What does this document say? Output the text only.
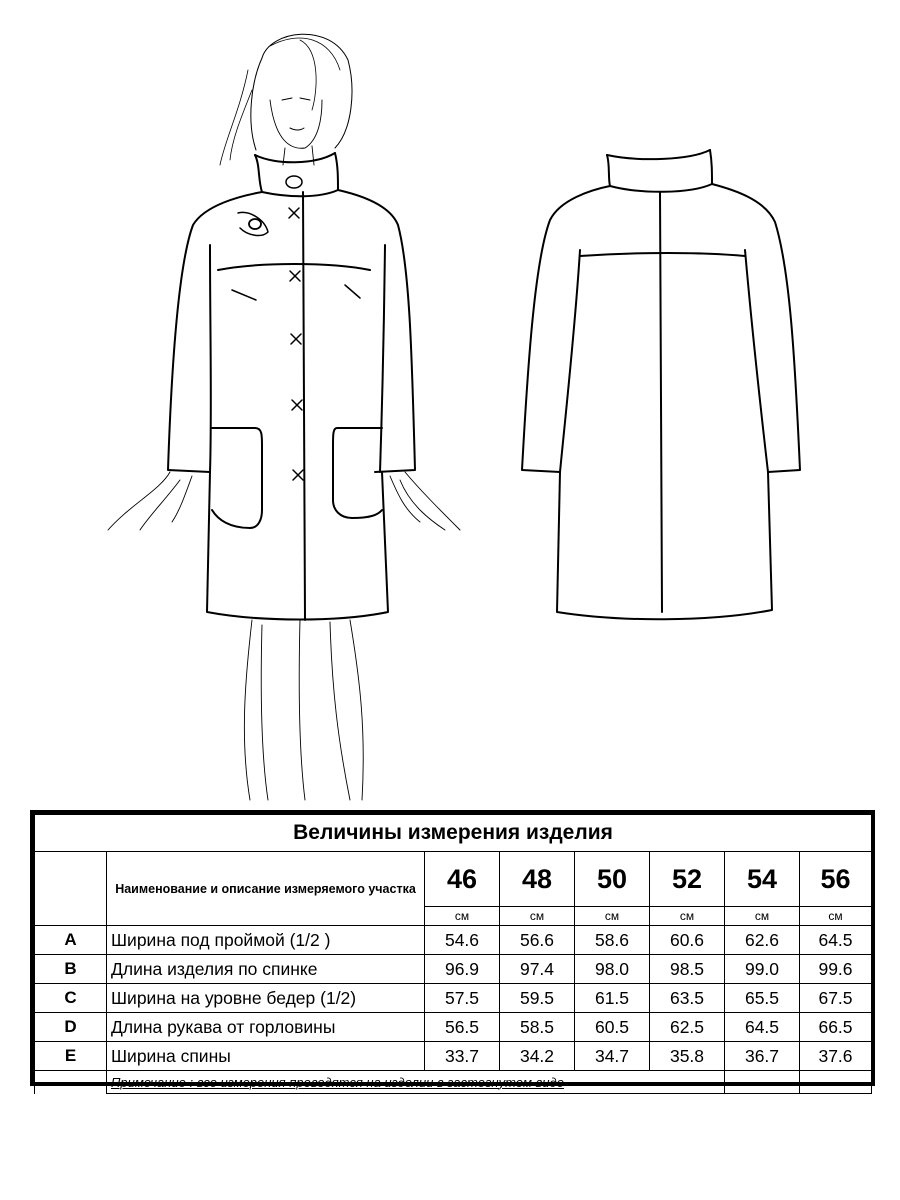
Величины измерения изделия							
	Наименование и описание измеряемого участка	46	48	50	52	54	56
		см	см	см	см	см	см
A	Ширина под проймой (1/2 )	54.6	56.6	58.6	60.6	62.6	64.5
B	Длина изделия по спинке	96.9	97.4	98.0	98.5	99.0	99.6
C	Ширина на уровне бедер (1/2)	57.5	59.5	61.5	63.5	65.5	67.5
D	Длина рукава от горловины	56.5	58.5	60.5	62.5	64.5	66.5
E	Ширина спины	33.7	34.2	34.7	35.8	36.7	37.6
	Примечание : все измерения проводятся на изделии в застегнутом виде						
